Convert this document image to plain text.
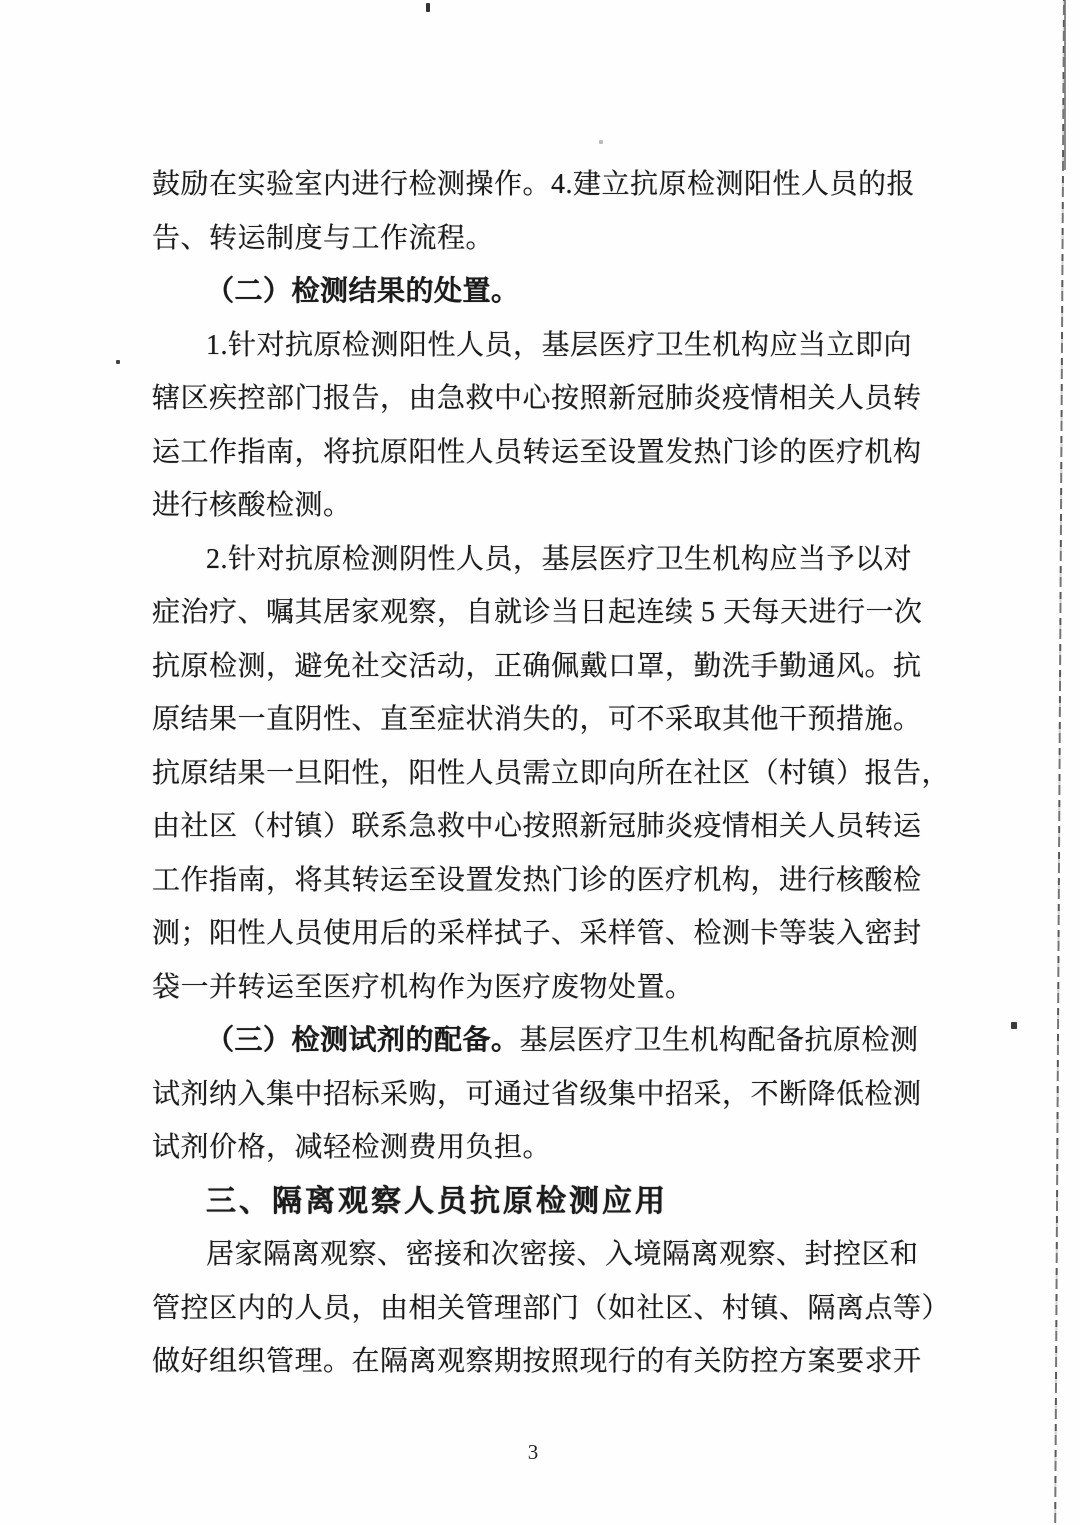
鼓励在实验室内进行检测操作。4.建立抗原检测阳性人员的报
告、转运制度与工作流程。
（二）检测结果的处置。
1.针对抗原检测阳性人员，基层医疗卫生机构应当立即向
辖区疾控部门报告，由急救中心按照新冠肺炎疫情相关人员转
运工作指南，将抗原阳性人员转运至设置发热门诊的医疗机构
进行核酸检测。
2.针对抗原检测阴性人员，基层医疗卫生机构应当予以对
症治疗、嘱其居家观察，自就诊当日起连续 5 天每天进行一次
抗原检测，避免社交活动，正确佩戴口罩，勤洗手勤通风。抗
原结果一直阴性、直至症状消失的，可不采取其他干预措施。
抗原结果一旦阳性，阳性人员需立即向所在社区（村镇）报告，
由社区（村镇）联系急救中心按照新冠肺炎疫情相关人员转运
工作指南，将其转运至设置发热门诊的医疗机构，进行核酸检
测；阳性人员使用后的采样拭子、采样管、检测卡等装入密封
袋一并转运至医疗机构作为医疗废物处置。
（三）检测试剂的配备。基层医疗卫生机构配备抗原检测
试剂纳入集中招标采购，可通过省级集中招采，不断降低检测
试剂价格，减轻检测费用负担。
三、隔离观察人员抗原检测应用
居家隔离观察、密接和次密接、入境隔离观察、封控区和
管控区内的人员，由相关管理部门（如社区、村镇、隔离点等）
做好组织管理。在隔离观察期按照现行的有关防控方案要求开
3
